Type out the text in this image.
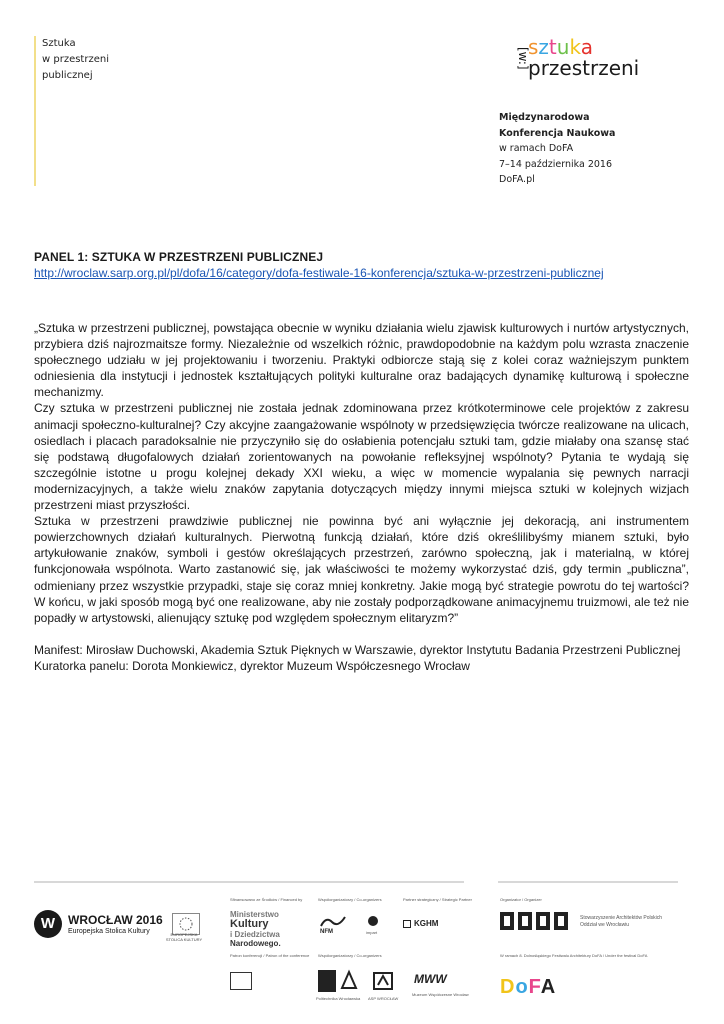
Sztuka
w przestrzeni
publicznej
[w:]
sztuka
przestrzeni
Międzynarodowa
Konferencja Naukowa
w ramach DoFA
7–14 października 2016
DoFA.pl
PANEL 1: SZTUKA W PRZESTRZENI PUBLICZNEJ
http://wroclaw.sarp.org.pl/pl/dofa/16/category/dofa-festiwale-16-konferencja/sztuka-w-przestrzeni-publicznej

„Sztuka w przestrzeni publicznej, powstająca obecnie w wyniku działania wielu zjawisk kulturowych i nurtów artystycznych, przybiera dziś najrozmaitsze formy. Niezależnie od wszelkich różnic, prawdopodobnie na każdym polu wzrasta znaczenie społecznego udziału w jej projektowaniu i tworzeniu. Praktyki odbiorcze stają się z kolei coraz ważniejszym punktem odniesienia dla instytucji i jednostek kształtujących polityki kulturalne oraz badających dynamikę kulturową i społeczne mechanizmy.

Czy sztuka w przestrzeni publicznej nie została jednak zdominowana przez krótkoterminowe cele projektów z zakresu animacji społeczno-kulturalnej? Czy akcyjne zaangażowanie wspólnoty w przedsięwzięcia twórcze realizowane na ulicach, osiedlach i placach paradoksalnie nie przyczyniło się do osłabienia potencjału sztuki tam, gdzie miałaby ona szansę stać się podstawą długofalowych działań zorientowanych na powołanie refleksyjnej wspólnoty? Pytania te wydają się szczególnie istotne u progu kolejnej dekady XXI wieku, a więc w momencie wypalania się pewnych narracji modernizacyjnych, a także wielu znaków zapytania dotyczących między innymi miejsca sztuki w kolejnych wizjach przestrzeni miast przyszłości.

Sztuka w przestrzeni prawdziwie publicznej nie powinna być ani wyłącznie jej dekoracją, ani instrumentem powierzchownych działań kulturalnych. Pierwotną funkcją działań, które dziś określilibyśmy mianem sztuki, było artykułowanie znaków, symboli i gestów określających przestrzeń, zarówno społeczną, jak i materialną, w której funkcjonowała wspólnota. Warto zastanowić się, jak właściwości te możemy wykorzystać dziś, gdy termin „publiczna”, odmieniany przez wszystkie przypadki, staje się coraz mniej konkretny. Jakie mogą być strategie powrotu do tej wartości? W końcu, w jaki sposób mogą być one realizowane, aby nie zostały podporządkowane animacyjnemu truizmowi, ale też nie popadły w artystowski, alienujący sztukę pod względem społecznym elitaryzm?”

Manifest: Mirosław Duchowski, Akademia Sztuk Pięknych w Warszawie, dyrektor Instytutu Badania Przestrzeni Publicznej

Kuratorka panelu: Dorota Monkiewicz, dyrektor Muzeum Współczesnego Wrocław

W	WROCŁAW 2016
Europejska Stolica Kultury	EUROPEJSKA STOLICA KULTURY
Sfinansowano ze Środków / Financed by
Ministerstwo
Kultury
i Dziedzictwa
Narodowego.
Współorganizatorzy / Co-organizers
NFM	impart
Partner strategiczny / Strategic Partner
KGHM
Organizator / Organizer
Stowarzyszenie Architektów Polskich
Oddział we Wrocławiu
Patron konferencji / Patron of the conference Współorganizatorzy / Co-organizers
Politechnika Wrocławska ASP WROCŁAW
MWW
Muzeum Współczesne Wrocław
W ramach 8. Dolnośląskiego Festiwalu Architektury DoFA / Under the festival DoFA
DoFA
